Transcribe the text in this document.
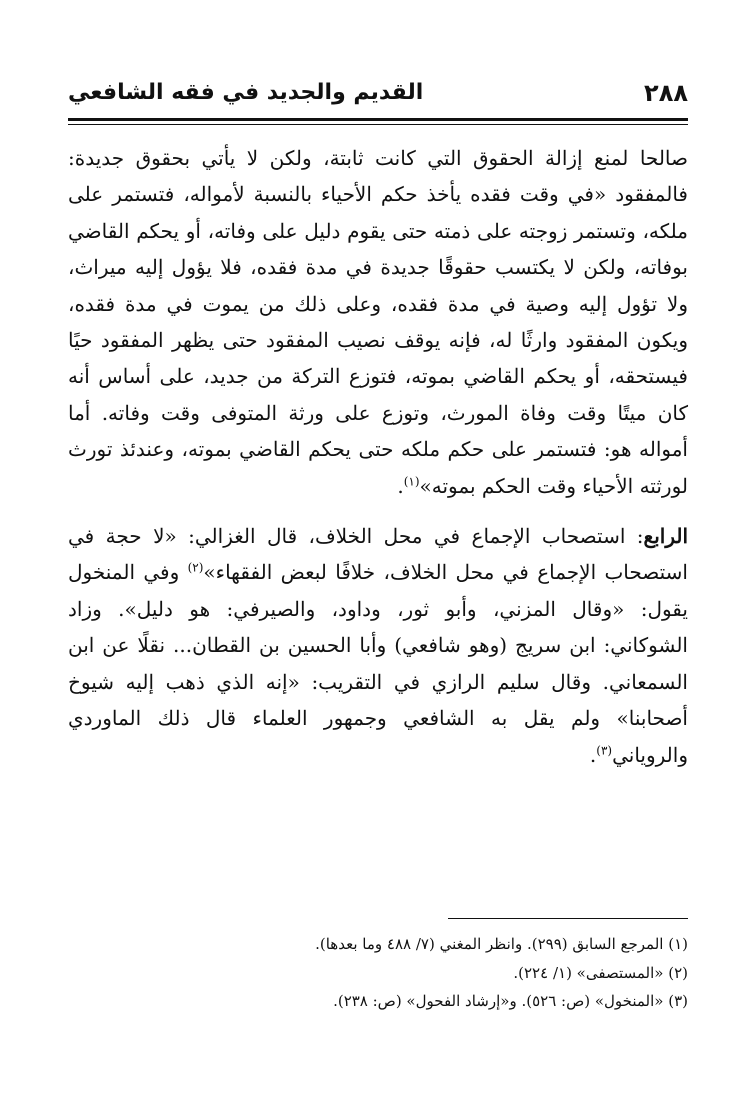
٢٨٨
القديم والجديد في فقه الشافعي

صالحا لمنع إزالة الحقوق التي كانت ثابتة، ولكن لا يأتي بحقوق جديدة: فالمفقود «في وقت فقده يأخذ حكم الأحياء بالنسبة لأمواله، فتستمر على ملكه، وتستمر زوجته على ذمته حتى يقوم دليل على وفاته، أو يحكم القاضي بوفاته، ولكن لا يكتسب حقوقًا جديدة في مدة فقده، فلا يؤول إليه ميراث، ولا تؤول إليه وصية في مدة فقده، وعلى ذلك من يموت في مدة فقده، ويكون المفقود وارثًا له، فإنه يوقف نصيب المفقود حتى يظهر المفقود حيًا فيستحقه، أو يحكم القاضي بموته، فتوزع التركة من جديد، على أساس أنه كان ميتًا وقت وفاة المورث، وتوزع على ورثة المتوفى وقت وفاته. أما أمواله هو: فتستمر على حكم ملكه حتى يحكم القاضي بموته، وعندئذ تورث لورثته الأحياء وقت الحكم بموته»$^{(١)}$.

الرابع: استصحاب الإجماع في محل الخلاف، قال الغزالي: «لا حجة في استصحاب الإجماع في محل الخلاف، خلافًا لبعض الفقهاء»$^{(٢)}$ وفي المنخول يقول: «وقال المزني، وأبو ثور، وداود، والصيرفي: هو دليل». وزاد الشوكاني: ابن سريج (وهو شافعي) وأبا الحسين بن القطان... نقلًا عن ابن السمعاني. وقال سليم الرازي في التقريب: «إنه الذي ذهب إليه شيوخ أصحابنا» ولم يقل به الشافعي وجمهور العلماء قال ذلك الماوردي والروياني$^{(٣)}$.

(١) المرجع السابق (٢٩٩). وانظر المغني (٧/ ٤٨٨ وما بعدها).

(٢) «المستصفى» (١/ ٢٢٤).

(٣) «المنخول» (ص: ٥٢٦). و«إرشاد الفحول» (ص: ٢٣٨).
